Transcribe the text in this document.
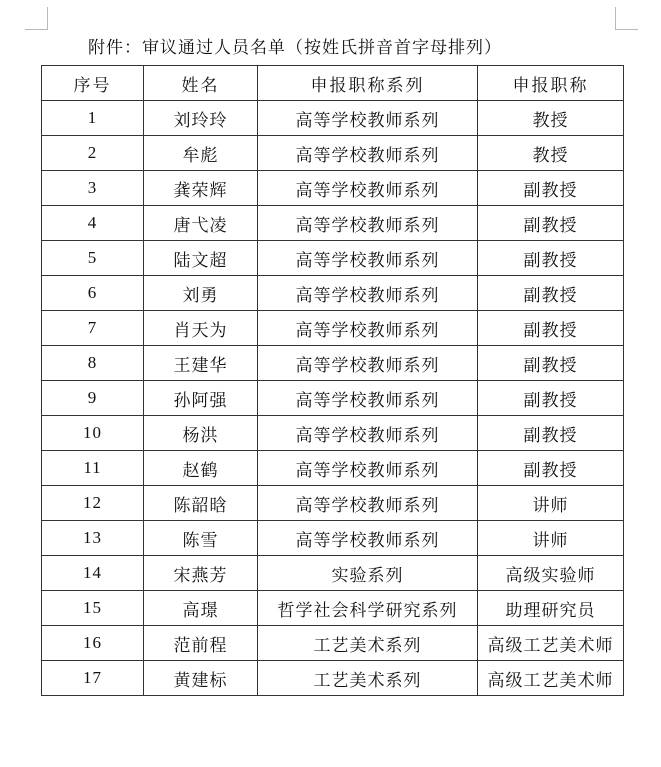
附件：审议通过人员名单（按姓氏拼音首字母排列）
序号	姓名	申报职称系列	申报职称
1	刘玲玲	高等学校教师系列	教授
2	牟彪	高等学校教师系列	教授
3	龚荣辉	高等学校教师系列	副教授
4	唐弋凌	高等学校教师系列	副教授
5	陆文超	高等学校教师系列	副教授
6	刘勇	高等学校教师系列	副教授
7	肖天为	高等学校教师系列	副教授
8	王建华	高等学校教师系列	副教授
9	孙阿强	高等学校教师系列	副教授
10	杨洪	高等学校教师系列	副教授
11	赵鹤	高等学校教师系列	副教授
12	陈韶晗	高等学校教师系列	讲师
13	陈雪	高等学校教师系列	讲师
14	宋燕芳	实验系列	高级实验师
15	高璟	哲学社会科学研究系列	助理研究员
16	范前程	工艺美术系列	高级工艺美术师
17	黄建标	工艺美术系列	高级工艺美术师
